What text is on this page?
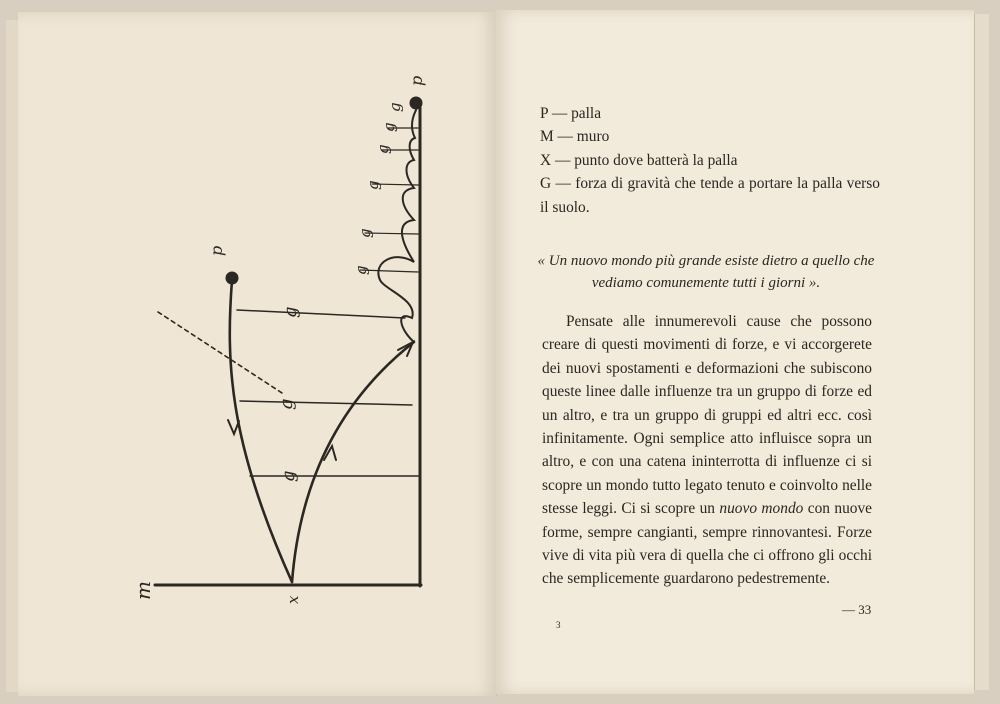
P — palla
M — muro
X — punto dove batterà la palla
G — forza di gravità che tende a portare la palla verso il suolo.
« Un nuovo mondo più grande esiste dietro a quello che vediamo comunemente tutti i giorni ».

Pensate alle innumerevoli cause che possono creare di questi movimenti di forze, e vi accorgerete dei nuovi spostamenti e deformazioni che subiscono queste linee dalle influenze tra un gruppo di forze ed un altro, e tra un gruppo di gruppi ed altri ecc. così infinitamente. Ogni semplice atto influisce sopra un altro, e con una catena ininterrotta di influenze ci si scopre un mondo tutto legato tenuto e coinvolto nelle stesse leggi. Ci si scopre un nuovo mondo con nuove forme, sempre cangianti, sempre rinnovantesi. Forze vive di vita più vera di quella che ci offrono gli occhi che semplicemente guardarono pedestremente.

— 33
3
p
p
x
m
g
g
g
g
g
g
g
g
g
